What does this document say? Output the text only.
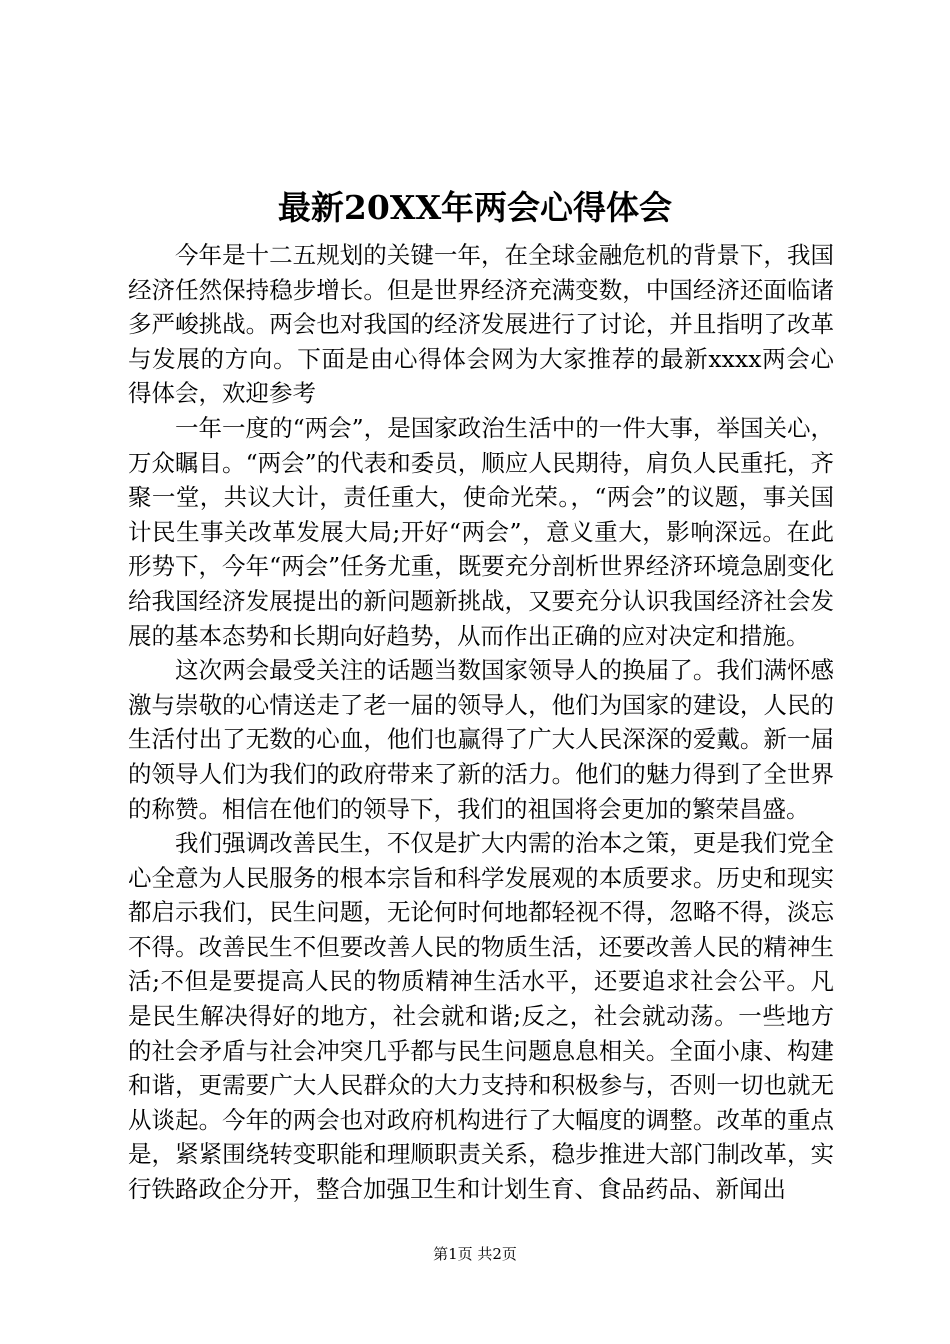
最新20XX年两会心得体会

今年是十二五规划的关键一年，在全球金融危机的背景下，我国经济任然保持稳步增长。但是世界经济充满变数，中国经济还面临诸多严峻挑战。两会也对我国的经济发展进行了讨论，并且指明了改革与发展的方向。下面是由心得体会网为大家推荐的最新xxxx两会心得体会，欢迎参考

一年一度的“两会”，是国家政治生活中的一件大事，举国关心，万众瞩目。“两会”的代表和委员，顺应人民期待，肩负人民重托，齐聚一堂，共议大计，责任重大，使命光荣。，“两会”的议题，事关国计民生事关改革发展大局;开好“两会”，意义重大，影响深远。在此形势下，今年“两会”任务尤重，既要充分剖析世界经济环境急剧变化给我国经济发展提出的新问题新挑战，又要充分认识我国经济社会发展的基本态势和长期向好趋势，从而作出正确的应对决定和措施。

这次两会最受关注的话题当数国家领导人的换届了。我们满怀感激与崇敬的心情送走了老一届的领导人，他们为国家的建设，人民的生活付出了无数的心血，他们也赢得了广大人民深深的爱戴。新一届的领导人们为我们的政府带来了新的活力。他们的魅力得到了全世界的称赞。相信在他们的领导下，我们的祖国将会更加的繁荣昌盛。

我们强调改善民生，不仅是扩大内需的治本之策，更是我们党全心全意为人民服务的根本宗旨和科学发展观的本质要求。历史和现实都启示我们，民生问题，无论何时何地都轻视不得，忽略不得，淡忘不得。改善民生不但要改善人民的物质生活，还要改善人民的精神生活;不但是要提高人民的物质精神生活水平，还要追求社会公平。凡是民生解决得好的地方，社会就和谐;反之，社会就动荡。一些地方的社会矛盾与社会冲突几乎都与民生问题息息相关。全面小康、构建和谐，更需要广大人民群众的大力支持和积极参与，否则一切也就无从谈起。今年的两会也对政府机构进行了大幅度的调整。改革的重点是，紧紧围绕转变职能和理顺职责关系，稳步推进大部门制改革，实行铁路政企分开，整合加强卫生和计划生育、食品药品、新闻出

第1页 共2页
